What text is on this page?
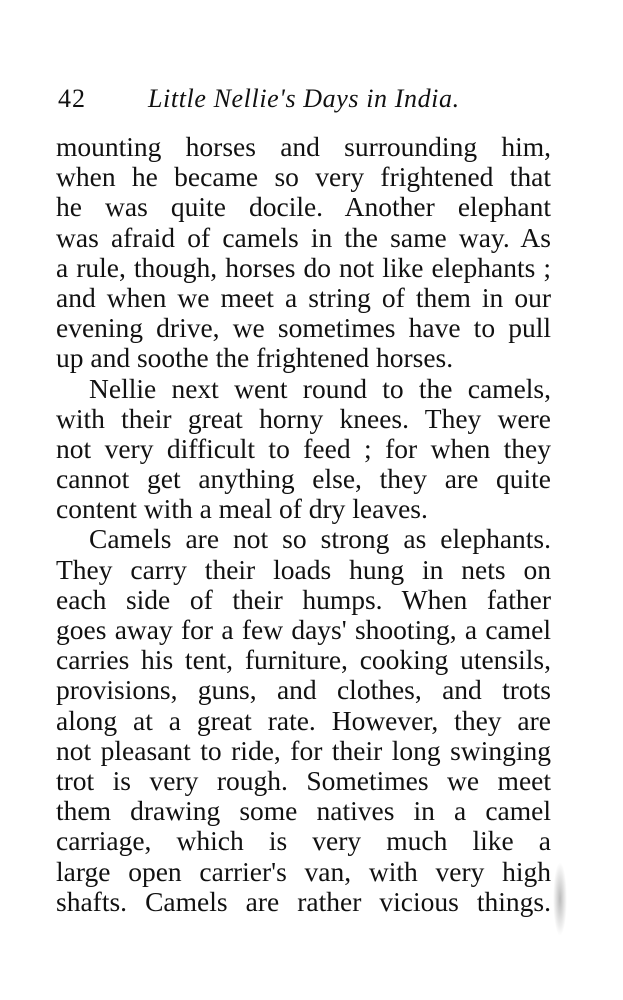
42 Little Nellie's Days in India.
mounting horses and surrounding him,
when he became so very frightened that
he was quite docile. Another elephant
was afraid of camels in the same way. As
a rule, though, horses do not like elephants ;
and when we meet a string of them in our
evening drive, we sometimes have to pull
up and soothe the frightened horses.
Nellie next went round to the camels,
with their great horny knees. They were
not very difficult to feed ; for when they
cannot get anything else, they are quite
content with a meal of dry leaves.
Camels are not so strong as elephants.
They carry their loads hung in nets on
each side of their humps. When father
goes away for a few days' shooting, a camel
carries his tent, furniture, cooking utensils,
provisions, guns, and clothes, and trots
along at a great rate. However, they are
not pleasant to ride, for their long swinging
trot is very rough. Sometimes we meet
them drawing some natives in a camel
carriage, which is very much like a
large open carrier's van, with very high
shafts. Camels are rather vicious things.
